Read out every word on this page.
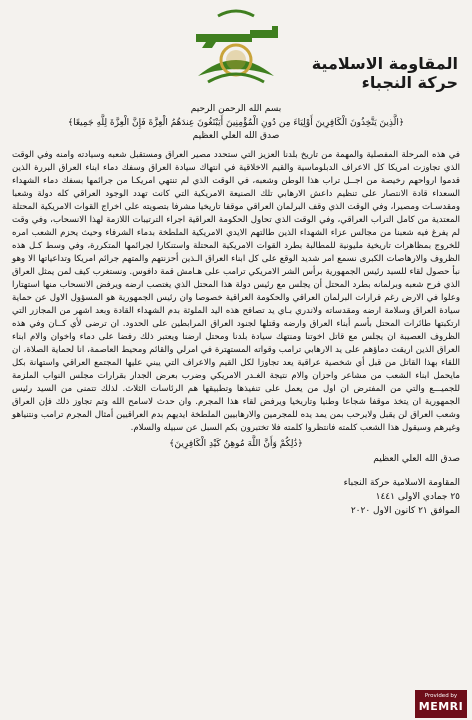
المقاومة الاسلامية
حركة النجباء
بسم الله الرحمن الرحيم
﴿الَّذِينَ يَتَّخِذُونَ الْكَافِرِينَ أَوْلِيَاءَ مِن دُونِ الْمُؤْمِنِينَ أَيَبْتَغُونَ عِندَهُمُ الْعِزَّةَ فَإِنَّ الْعِزَّةَ لِلَّهِ جَمِيعًا﴾
صدق الله العلي العظيم

في هذه المرحلة المفصلية والمهمة من تاريخ بلدنا العزيز التي ستحدد مصير العراق ومستقبل شعبه وسيادته وامنه وفي الوقت الذي تجاوزت امريكا كل الاعراف الدبلوماسية والقيم الاخلاقية في انتهاك سيادة العراق وسفك دماء ابناء العراق البررة الذين قدموا ارواحهم رخيصة من اجــل تراب هذا الوطن وشعبه، في الوقت الذي لم تنتهي امريكـا من جرائمها بسفك دماء الشهداء السعداء قادة الانتصار على تنظيم داعش الارهابي تلك الصنيعة الامريكية التي كانت تهدد الوجود العراقي كله دولة وشعبا ومقدسـات ومصيرا، وفي الوقت الذي وقف البرلمان العراقي موقفا تاريخيا مشرفا بتصويته على اخراج القوات الامريكية المحتلة المعتدية من كامل التراب العراقي، وفي الوقت الذي تحاول الحكومة العراقية اجراء الترتيبات اللازمة لهذا الانسحاب، وفي وقت لم يفرغ فيه شعبنا من مجالس عزاء الشهداء الذين طالتهم الايدي الامريكية الملطخة بدماء الشرفاء وحيث يحزم الشعب امره للخروج بمظاهرات تاريخية مليونية للمطالبة بطرد القوات الامريكية المحتلة واستنكارا لجرائمها المتكررة، وفي وسط كـل هذه الظروف والارهاصات الكبرى نسمع امر شديد الوقع على كل ابناء العراق الـذين أحزنتهم والمتهم جرائم امريكا وتداعياتها الا وهو نبأ حصول لقاء للسيد رئيس الجمهورية برأس الشر الامريكي ترامب على هـامش قمة دافوس. ونستغرب كيف لمن يمثل العراق الذي فرح شعبه وبرلمانه بطرد المحتل أن يجلس مع رئيس دولة هذا المحتل الذي يغتصب ارضه ويرفض الانسحاب منها استهتارا وعلوا في الارض رغم قرارات البرلمان العراقي والحكومة العراقية خصوصا وان رئيس الجمهورية هو المسؤول الاول عن حماية سيادة العراق وسلامة ارضه ومقدساته ولاندري بـاي يد تصافح هذه اليد الملوثة بدم الشهداء القادة وبعد اشهر من المجازر التي ارتكبتها طائرات المحتل بأسم أبناء العراق وارضه وقتلها لجنود العراق المرابطين على الحدود. ان ترضى لأي كــان وفي هذه الظروف العصيبة ان يجلس مع قاتل اخوتنا ومنتهك سيادة بلدنا ومحتل ارضنا ويعتبر ذلك رفضا على دماء واخوان والام ابناء العراق الذين اريقت دماؤهم على يد الارهابي ترامب وقواته المستهترة في امرلي والقائم ومحيط العاصمة، انا لحماية الصلاة، ان اللقاء بهذا القاتل من قبل أي شخصية عراقية يعد تجاوزا لكل القيم والاعراف التي يبني عليها المجتمع العراقي واستهانة بكل مايحمل ابناء الشعب من مشاعر واحزان والام نتيجة الغـدر الامريكي وضرب بعرض الجدار بقرارات مجلس النواب الملزمة للجميـــع والتي من المفترض ان اول من يعمل على تنفيذها وتطبيقها هم الرئاسات الثلاث. لذلك تتمنى من السيد رئيس الجمهورية ان يتخذ موقفا شجاعا وطنيا وتاريخيا ويرفض لقاء هذا المجرم. وان حدث لاسامح الله وتم تجاوز ذلك فإن العراق وشعب العراق لن يقبل ولايرحب بمن يمد يده للمجرمين والارهابيين الملطخة ايديهم بدم العراقيين أمثال المجرم ترامب ونتنياهو وغيرهم وسيقول هذا الشعب كلمته فانتظروا كلمته فلا تختبرون بكم السبل عن سبيله والسلام.

﴿ذَٰلِكُمْ وَأَنَّ اللَّهَ مُوهِنُ كَيْدِ الْكَافِرِينَ﴾
صدق الله العلي العظيم
المقاومة الاسلامية حركة النجباء
٢٥ جمادي الاولى ١٤٤١
الموافق ٢١ كانون الاول ٢٠٢٠
Provided by
MEMRI
